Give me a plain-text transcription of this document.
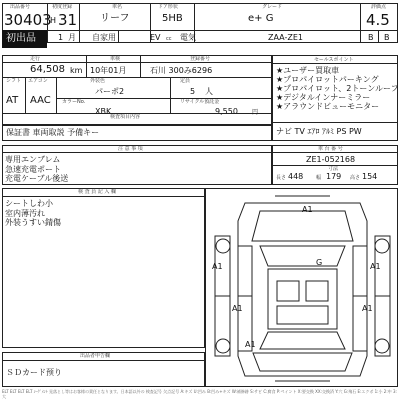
出品番号
30403
初度登録
H 31
車名
リーフ
ドア形状
5HB
グレード
e+ G
評価点
4.5
初出品	1 月 自家用	EV cc 電気	ZAA-ZE1	B B
走行	車検	登録番号
64,508 km 10年01月	石川 300み6296
シフト エアコン	外装色	定員
パーポ2	5 人
AT AAC カラーNo.	リサイクル預託金
XBK	9,550 円
検査項目内容
保証書 車両取説 予備キー
セールスポイント
★ユーザー買取車
★プロパイロットパーキング
★プロパイロット、2トーンルーフ
★デジタルインナーミラー
★アラウンドビューモニター
ナビ TV ｴｱﾛ ｱﾙﾐ PS PW
注 意 事 項
専用エンブレム
急速充電ポート
充電ケーブル後送
車 台 番 号
ZE1-052168
寸法
長さ 448	幅 179 高さ 154
検 査 員 記 入 欄
シートしわ小
室内薄汚れ
外装うすい錆傷
出品者申告欄
ＳＤカード预り
A1	A1
A1	A1
A1
G
A1
ELT ELT ELT ELT ｼｰｸﾞﾒﾝﾄ 見落とし等はお客様の責任となります。日本語以外の 検査記号 欠点記号 A:キズ U:凹み B:凹み+キズ W:補修跡 S:サビ C:腐食 P:ペイント X:要交換 XX:交換済 Y:穴 G:飛石 E:エクボ 1:小 2:中 3:大
